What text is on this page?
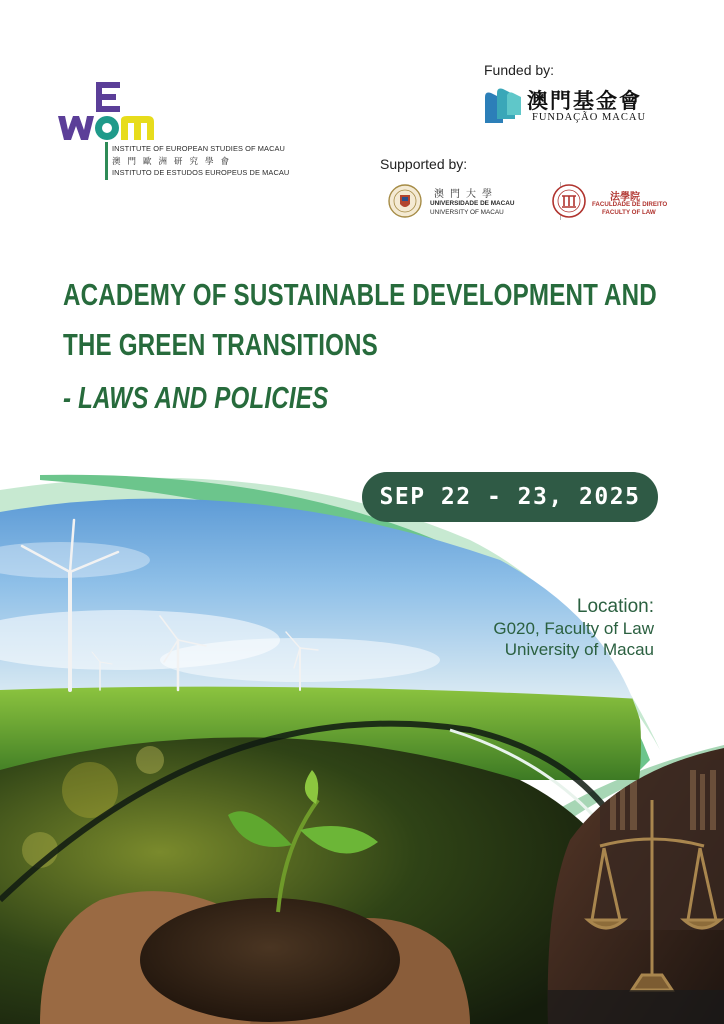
INSTITUTE OF EUROPEAN STUDIES OF MACAU
澳門歐洲研究學會
INSTITUTO DE ESTUDOS EUROPEUS DE MACAU
Funded by:
澳門基金會
FUNDAÇÃO MACAU
Supported by:
澳門大學
UNIVERSIDADE DE MACAU
UNIVERSITY OF MACAU
法學院
FACULDADE DE DIREITO
FACULTY OF LAW
ACADEMY OF SUSTAINABLE DEVELOPMENT AND
THE GREEN TRANSITIONS
- LAWS AND POLICIES
SEP 22 - 23, 2025
Location:
G020, Faculty of Law
University of Macau
